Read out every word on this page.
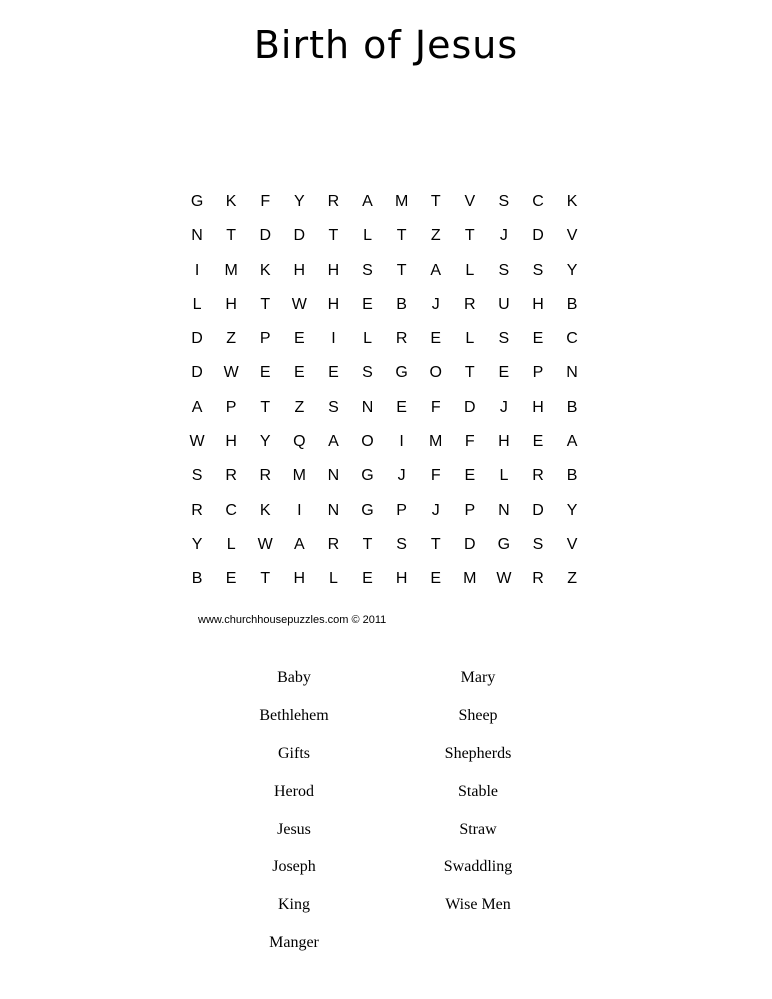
Birth of Jesus
G	K	F	Y	R	A	M	T	V	S	C	K
N	T	D	D	T	L	T	Z	T	J	D	V
I	M	K	H	H	S	T	A	L	S	S	Y
L	H	T	W	H	E	B	J	R	U	H	B
D	Z	P	E	I	L	R	E	L	S	E	C
D	W	E	E	E	S	G	O	T	E	P	N
A	P	T	Z	S	N	E	F	D	J	H	B
W	H	Y	Q	A	O	I	M	F	H	E	A
S	R	R	M	N	G	J	F	E	L	R	B
R	C	K	I	N	G	P	J	P	N	D	Y
Y	L	W	A	R	T	S	T	D	G	S	V
B	E	T	H	L	E	H	E	M	W	R	Z
www.churchhousepuzzles.com © 2011
Baby
Bethlehem
Gifts
Herod
Jesus
Joseph
King
Manger
Mary
Sheep
Shepherds
Stable
Straw
Swaddling
Wise Men
